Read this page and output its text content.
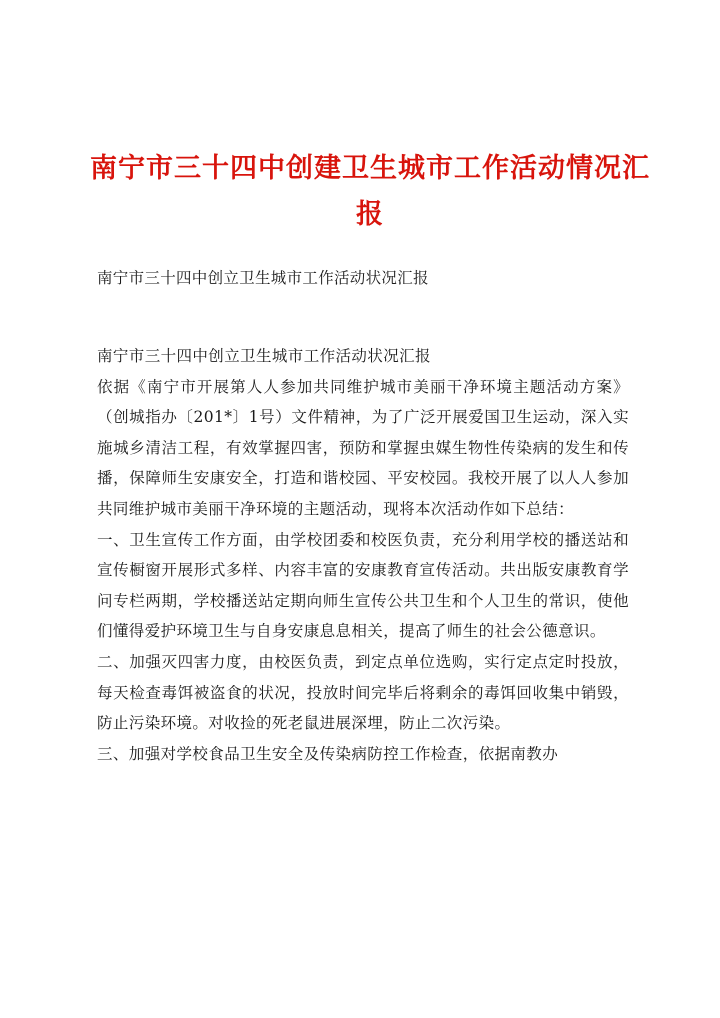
南宁市三十四中创建卫生城市工作活动情况汇报

南宁市三十四中创立卫生城市工作活动状况汇报

南宁市三十四中创立卫生城市工作活动状况汇报

依据《南宁市开展第人人参加共同维护城市美丽干净环境主题活动方案》（创城指办〔201*〕1号）文件精神，为了广泛开展爱国卫生运动，深入实施城乡清洁工程，有效掌握四害，预防和掌握虫媒生物性传染病的发生和传播，保障师生安康安全，打造和谐校园、平安校园。我校开展了以人人参加共同维护城市美丽干净环境的主题活动，现将本次活动作如下总结：

一、卫生宣传工作方面，由学校团委和校医负责，充分利用学校的播送站和宣传橱窗开展形式多样、内容丰富的安康教育宣传活动。共出版安康教育学问专栏两期，学校播送站定期向师生宣传公共卫生和个人卫生的常识，使他们懂得爱护环境卫生与自身安康息息相关，提高了师生的社会公德意识。

二、加强灭四害力度，由校医负责，到定点单位选购，实行定点定时投放，每天检查毒饵被盗食的状况，投放时间完毕后将剩余的毒饵回收集中销毁，防止污染环境。对收捡的死老鼠进展深埋，防止二次污染。

三、加强对学校食品卫生安全及传染病防控工作检查，依据南教办
